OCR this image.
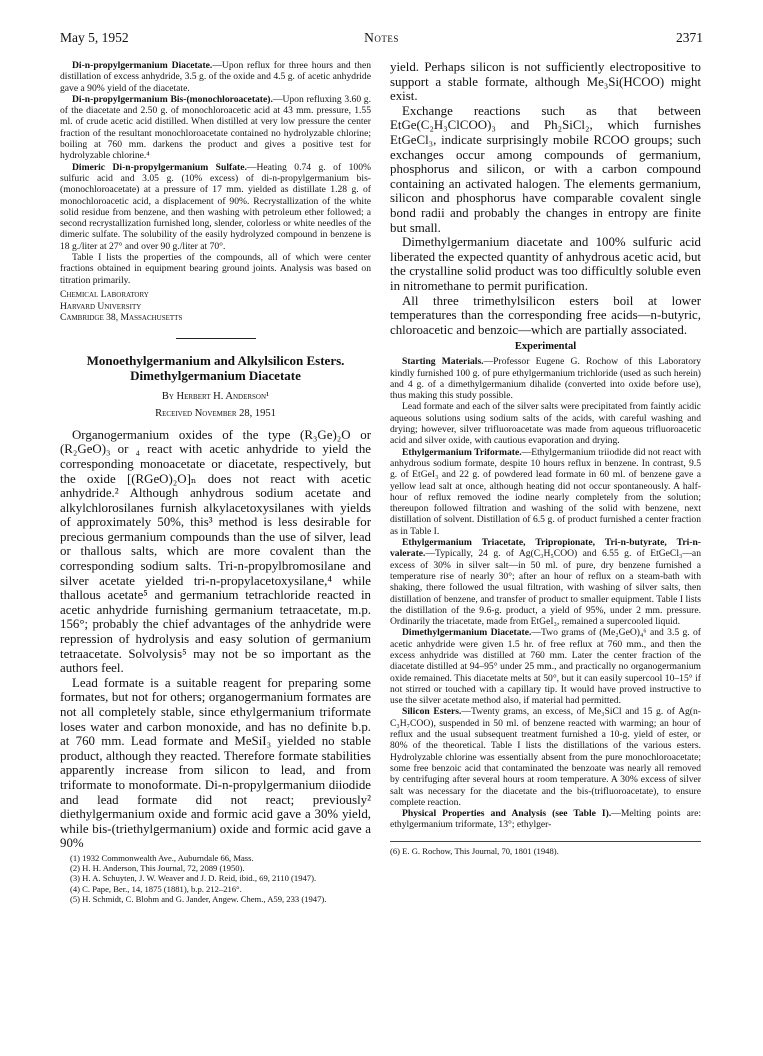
May 5, 1952	Notes	2371

Di-n-propylgermanium Diacetate.—Upon reflux for three hours and then distillation of excess anhydride, 3.5 g. of the oxide and 4.5 g. of acetic anhydride gave a 90% yield of the diacetate.

Di-n-propylgermanium Bis-(monochloroacetate).—Upon refluxing 3.60 g. of the diacetate and 2.50 g. of monochloroacetic acid at 43 mm. pressure, 1.55 ml. of crude acetic acid distilled. When distilled at very low pressure the center fraction of the resultant monochloroacetate contained no hydrolyzable chlorine; boiling at 760 mm. darkens the product and gives a positive test for hydrolyzable chlorine.⁴

Dimeric Di-n-propylgermanium Sulfate.—Heating 0.74 g. of 100% sulfuric acid and 3.05 g. (10% excess) of di-n-propylgermanium bis-(monochloroacetate) at a pressure of 17 mm. yielded as distillate 1.28 g. of monochloroacetic acid, a displacement of 90%. Recrystallization of the white solid residue from benzene, and then washing with petroleum ether followed; a second recrystallization furnished long, slender, colorless or white needles of the dimeric sulfate. The solubility of the easily hydrolyzed compound in benzene is 18 g./liter at 27° and over 90 g./liter at 70°.

Table I lists the properties of the compounds, all of which were center fractions obtained in equipment bearing ground joints. Analysis was based on titration primarily.

Chemical Laboratory
Harvard University
Cambridge 38, Massachusetts
Monoethylgermanium and Alkylsilicon Esters. Dimethylgermanium Diacetate
By Herbert H. Anderson¹
Received November 28, 1951

Organogermanium oxides of the type (R₃Ge)₂O or (R₂GeO)₃ or ₄ react with acetic anhydride to yield the corresponding monoacetate or diacetate, respectively, but the oxide [(RGeO)₂O]ₙ does not react with acetic anhydride.² Although anhydrous sodium acetate and alkylchlorosilanes furnish alkylacetoxysilanes with yields of approximately 50%, this³ method is less desirable for precious germanium compounds than the use of silver, lead or thallous salts, which are more covalent than the corresponding sodium salts. Tri-n-propylbromosilane and silver acetate yielded tri-n-propylacetoxysilane,⁴ while thallous acetate⁵ and germanium tetrachloride reacted in acetic anhydride furnishing germanium tetraacetate, m.p. 156°; probably the chief advantages of the anhydride were repression of hydrolysis and easy solution of germanium tetraacetate. Solvolysis⁵ may not be so important as the authors feel.

Lead formate is a suitable reagent for preparing some formates, but not for others; organogermanium formates are not all completely stable, since ethylgermanium triformate loses water and carbon monoxide, and has no definite b.p. at 760 mm. Lead formate and MeSiI₃ yielded no stable product, although they reacted. Therefore formate stabilities apparently increase from silicon to lead, and from triformate to monoformate. Di-n-propylgermanium diiodide and lead formate did not react; previously² diethylgermanium oxide and formic acid gave a 30% yield, while bis-(triethylgermanium) oxide and formic acid gave a 90%

(1) 1932 Commonwealth Ave., Auburndale 66, Mass.
(2) H. H. Anderson, This Journal, 72, 2089 (1950).
(3) H. A. Schuyten, J. W. Weaver and J. D. Reid, ibid., 69, 2110 (1947).
(4) C. Pape, Ber., 14, 1875 (1881), b.p. 212–216°.
(5) H. Schmidt, C. Blohm and G. Jander, Angew. Chem., A59, 233 (1947).

yield. Perhaps silicon is not sufficiently electropositive to support a stable formate, although Me₃Si(HCOO) might exist.

Exchange reactions such as that between EtGe(C₂H₃ClCOO)₃ and Ph₂SiCl₂, which furnishes EtGeCl₃, indicate surprisingly mobile RCOO groups; such exchanges occur among compounds of germanium, phosphorus and silicon, or with a carbon compound containing an activated halogen. The elements germanium, silicon and phosphorus have comparable covalent single bond radii and probably the changes in entropy are finite but small.

Dimethylgermanium diacetate and 100% sulfuric acid liberated the expected quantity of anhydrous acetic acid, but the crystalline solid product was too difficultly soluble even in nitromethane to permit purification.

All three trimethylsilicon esters boil at lower temperatures than the corresponding free acids—n-butyric, chloroacetic and benzoic—which are partially associated.

Experimental

Starting Materials.—Professor Eugene G. Rochow of this Laboratory kindly furnished 100 g. of pure ethylgermanium trichloride (used as such herein) and 4 g. of a dimethylgermanium dihalide (converted into oxide before use), thus making this study possible.

Lead formate and each of the silver salts were precipitated from faintly acidic aqueous solutions using sodium salts of the acids, with careful washing and drying; however, silver trifluoroacetate was made from aqueous trifluoroacetic acid and silver oxide, with cautious evaporation and drying.

Ethylgermanium Triformate.—Ethylgermanium triiodide did not react with anhydrous sodium formate, despite 10 hours reflux in benzene. In contrast, 9.5 g. of EtGeI₃ and 22 g. of powdered lead formate in 60 ml. of benzene gave a yellow lead salt at once, although heating did not occur spontaneously. A half-hour of reflux removed the iodine nearly completely from the solution; thereupon followed filtration and washing of the solid with benzene, next distillation of solvent. Distillation of 6.5 g. of product furnished a center fraction as in Table I.

Ethylgermanium Triacetate, Tripropionate, Tri-n-butyrate, Tri-n-valerate.—Typically, 24 g. of Ag(C₃H₅COO) and 6.55 g. of EtGeCl₃—an excess of 30% in silver salt—in 50 ml. of pure, dry benzene furnished a temperature rise of nearly 30°; after an hour of reflux on a steam-bath with shaking, there followed the usual filtration, with washing of silver salts, then distillation of benzene, and transfer of product to smaller equipment. Table I lists the distillation of the 9.6-g. product, a yield of 95%, under 2 mm. pressure. Ordinarily the triacetate, made from EtGeI₃, remained a supercooled liquid.

Dimethylgermanium Diacetate.—Two grams of (Me₂GeO)₄⁶ and 3.5 g. of acetic anhydride were given 1.5 hr. of free reflux at 760 mm., and then the excess anhydride was distilled at 760 mm. Later the center fraction of the diacetate distilled at 94–95° under 25 mm., and practically no organogermanium oxide remained. This diacetate melts at 50°, but it can easily supercool 10–15° if not stirred or touched with a capillary tip. It would have proved instructive to use the silver acetate method also, if material had permitted.

Silicon Esters.—Twenty grams, an excess, of Me₃SiCl and 15 g. of Ag(n-C₃H₇COO), suspended in 50 ml. of benzene reacted with warming; an hour of reflux and the usual subsequent treatment furnished a 10-g. yield of ester, or 80% of the theoretical. Table I lists the distillations of the various esters. Hydrolyzable chlorine was essentially absent from the pure monochloroacetate; some free benzoic acid that contaminated the benzoate was nearly all removed by centrifuging after several hours at room temperature. A 30% excess of silver salt was necessary for the diacetate and the bis-(trifluoroacetate), to ensure complete reaction.

Physical Properties and Analysis (see Table I).—Melting points are: ethylgermanium triformate, 13°; ethylger-

(6) E. G. Rochow, This Journal, 70, 1801 (1948).
